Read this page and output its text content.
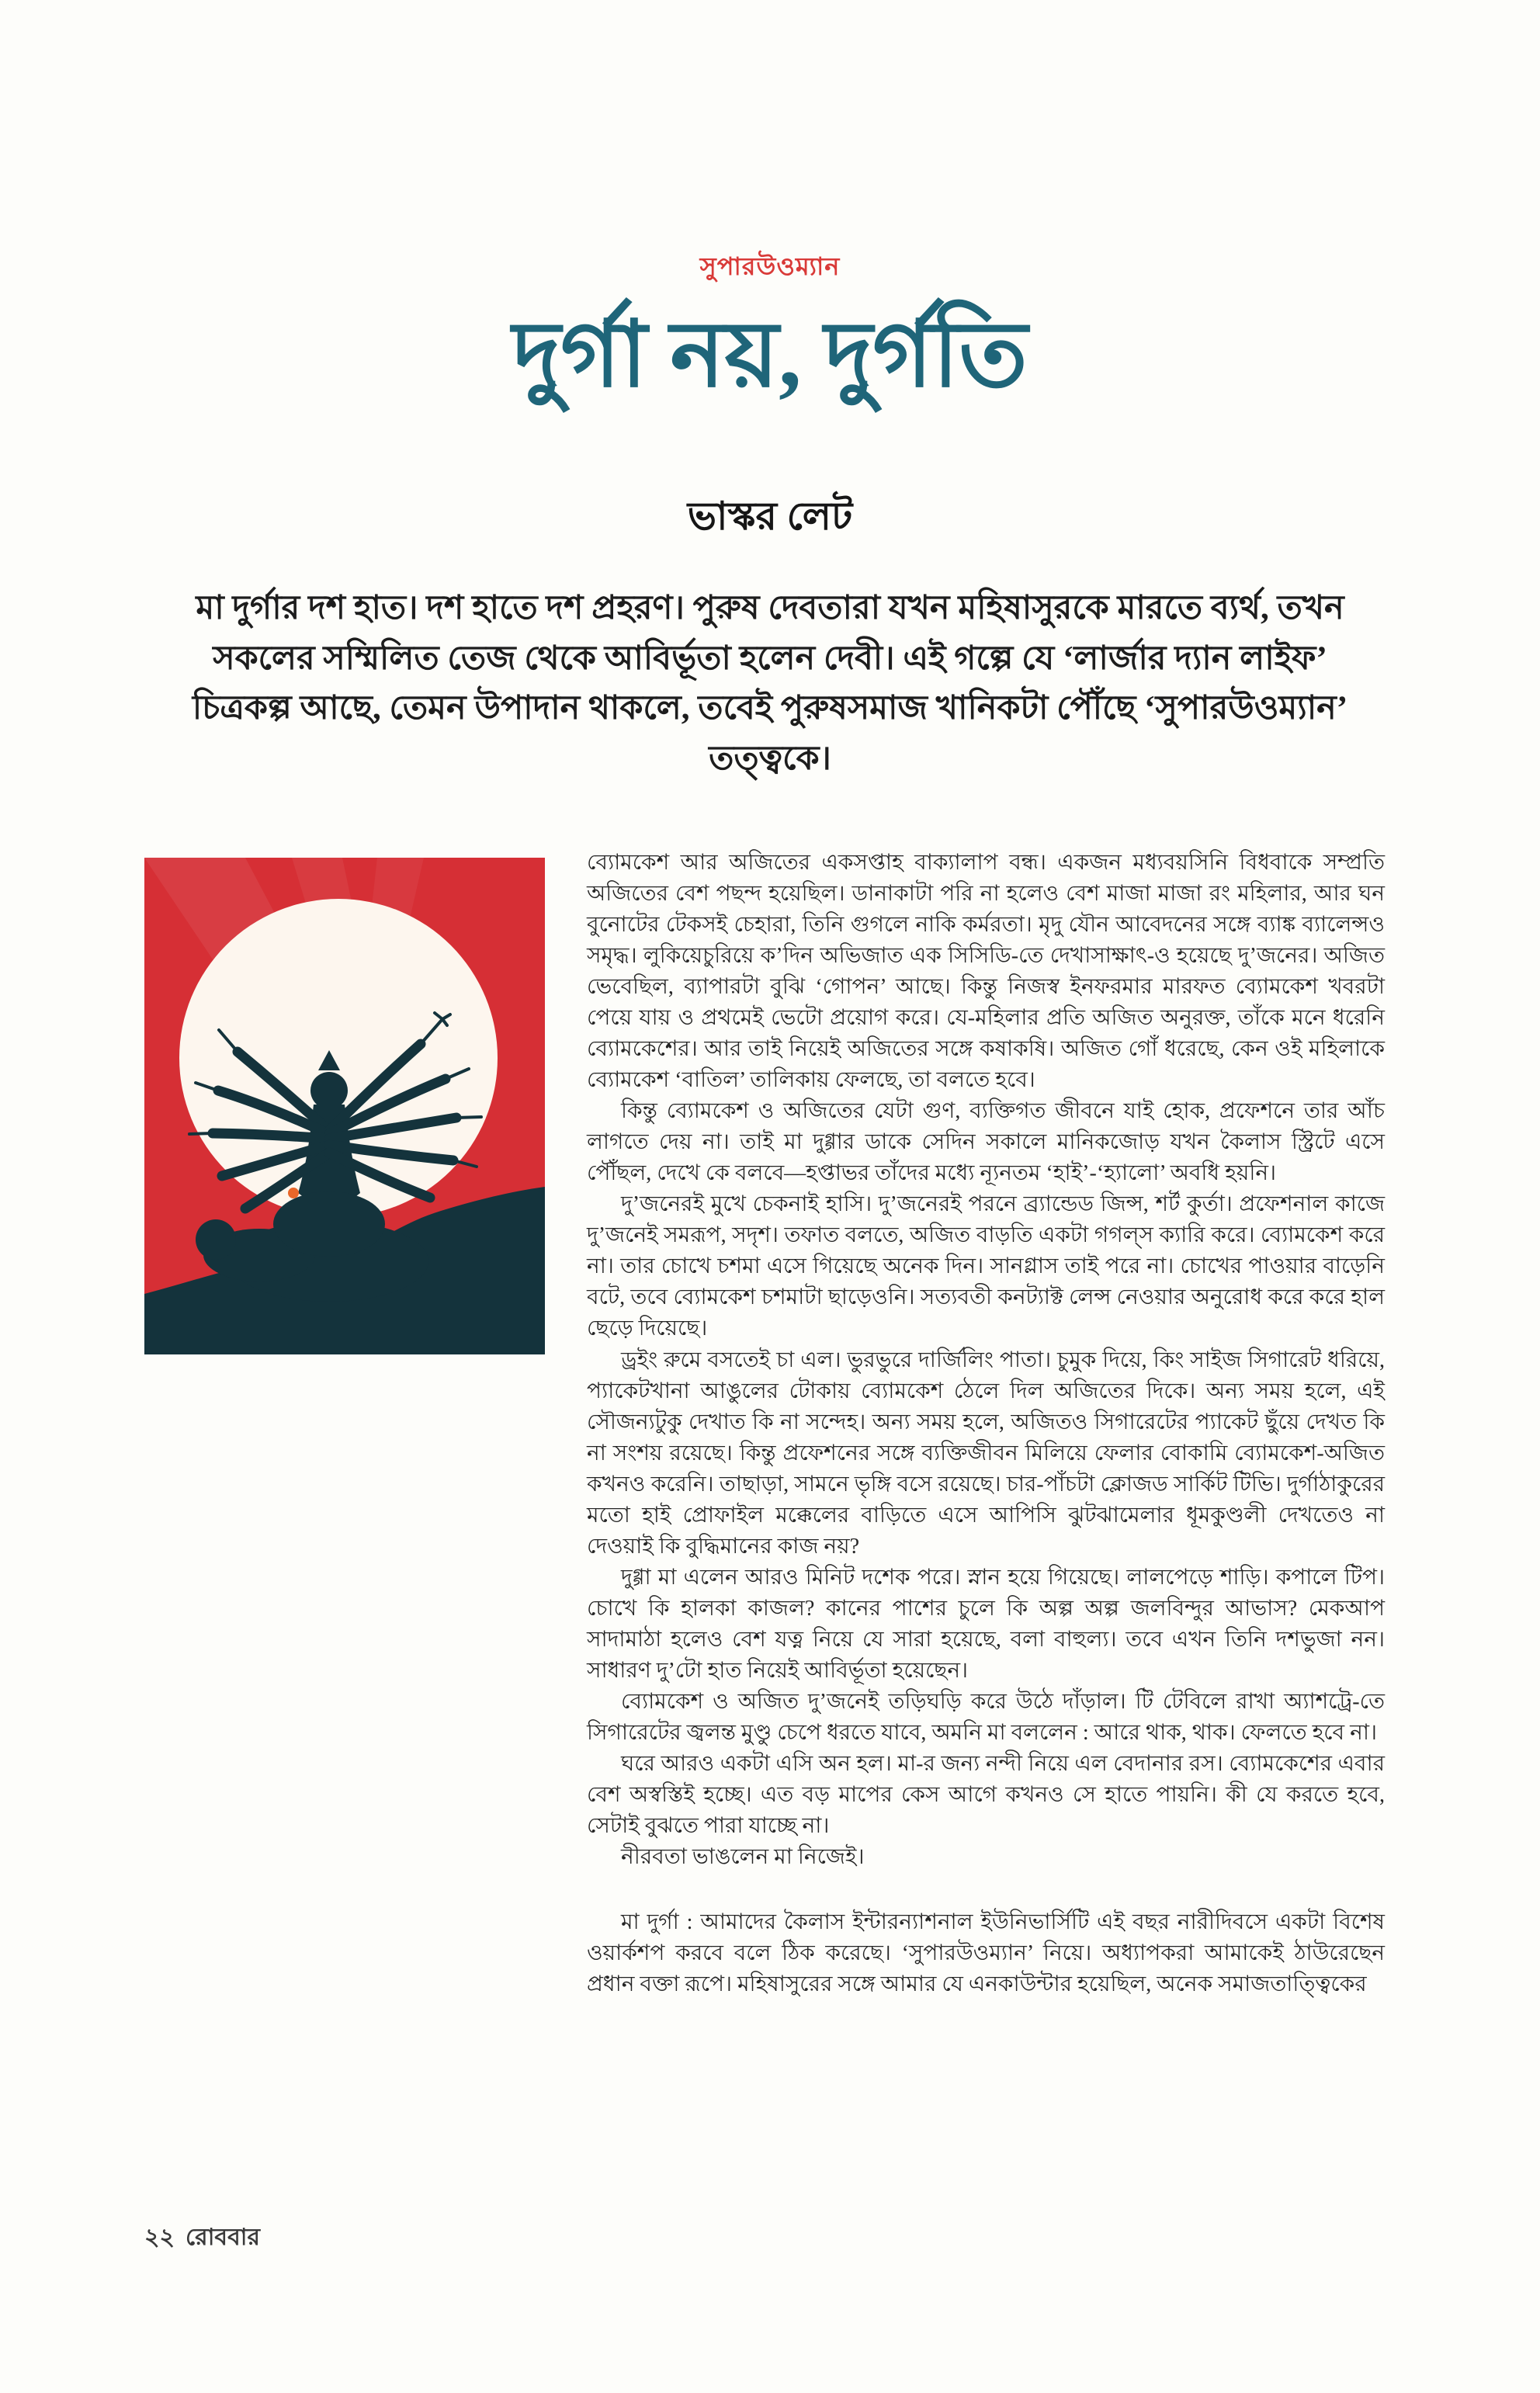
সুপারউওম্যান
দুর্গা নয়, দুর্গতি
ভাস্কর লেট
মা দুর্গার দশ হাত। দশ হাতে দশ প্রহরণ। পুরুষ দেবতারা যখন মহিষাসুরকে মারতে ব্যর্থ, তখন সকলের সম্মিলিত তেজ থেকে আবির্ভূতা হলেন দেবী। এই গল্পে যে ‘লার্জার দ্যান লাইফ’ চিত্রকল্প আছে, তেমন উপাদান থাকলে, তবেই পুরুষসমাজ খানিকটা পৌঁছে ‘সুপারউওম্যান’ তত্ত্বকে।

ব্যোমকেশ আর অজিতের একসপ্তাহ বাক্যালাপ বন্ধ। একজন মধ্যবয়সিনি বিধবাকে সম্প্রতি অজিতের বেশ পছন্দ হয়েছিল। ডানাকাটা পরি না হলেও বেশ মাজা মাজা রং মহিলার, আর ঘন বুনোটের টেকসই চেহারা, তিনি গুগলে নাকি কর্মরতা। মৃদু যৌন আবেদনের সঙ্গে ব্যাঙ্ক ব্যালেন্সও সমৃদ্ধ। লুকিয়েচুরিয়ে ক’দিন অভিজাত এক সিসিডি-তে দেখাসাক্ষাৎ-ও হয়েছে দু’জনের। অজিত ভেবেছিল, ব্যাপারটা বুঝি ‘গোপন’ আছে। কিন্তু নিজস্ব ইনফরমার মারফত ব্যোমকেশ খবরটা পেয়ে যায় ও প্রথমেই ভেটো প্রয়োগ করে। যে-মহিলার প্রতি অজিত অনুরক্ত, তাঁকে মনে ধরেনি ব্যোমকেশের। আর তাই নিয়েই অজিতের সঙ্গে কষাকষি। অজিত গোঁ ধরেছে, কেন ওই মহিলাকে ব্যোমকেশ ‘বাতিল’ তালিকায় ফেলছে, তা বলতে হবে।

কিন্তু ব্যোমকেশ ও অজিতের যেটা গুণ, ব্যক্তিগত জীবনে যাই হোক, প্রফেশনে তার আঁচ লাগতে দেয় না। তাই মা দুগ্গার ডাকে সেদিন সকালে মানিকজোড় যখন কৈলাস স্ট্রিটে এসে পৌঁছল, দেখে কে বলবে—হপ্তাভর তাঁদের মধ্যে ন্যূনতম ‘হাই’-‘হ্যালো’ অবধি হয়নি।

দু’জনেরই মুখে চেকনাই হাসি। দু’জনেরই পরনে ব্র্যান্ডেড জিন্স, শর্ট কুর্তা। প্রফেশনাল কাজে দু’জনেই সমরূপ, সদৃশ। তফাত বলতে, অজিত বাড়তি একটা গগল্স ক্যারি করে। ব্যোমকেশ করে না। তার চোখে চশমা এসে গিয়েছে অনেক দিন। সানগ্লাস তাই পরে না। চোখের পাওয়ার বাড়েনি বটে, তবে ব্যোমকেশ চশমাটা ছাড়েওনি। সত্যবতী কনট্যাক্ট লেন্স নেওয়ার অনুরোধ করে করে হাল ছেড়ে দিয়েছে।

ড্রইং রুমে বসতেই চা এল। ভুরভুরে দার্জিলিং পাতা। চুমুক দিয়ে, কিং সাইজ সিগারেট ধরিয়ে, প্যাকেটখানা আঙুলের টোকায় ব্যোমকেশ ঠেলে দিল অজিতের দিকে। অন্য সময় হলে, এই সৌজন্যটুকু দেখাত কি না সন্দেহ। অন্য সময় হলে, অজিতও সিগারেটের প্যাকেট ছুঁয়ে দেখত কি না সংশয় রয়েছে। কিন্তু প্রফেশনের সঙ্গে ব্যক্তিজীবন মিলিয়ে ফেলার বোকামি ব্যোমকেশ-অজিত কখনও করেনি। তাছাড়া, সামনে ভৃঙ্গি বসে রয়েছে। চার-পাঁচটা ক্লোজড সার্কিট টিভি। দুর্গাঠাকুরের মতো হাই প্রোফাইল মক্কেলের বাড়িতে এসে আপিসি ঝুটঝামেলার ধূমকুণ্ডলী দেখতেও না দেওয়াই কি বুদ্ধিমানের কাজ নয়?

দুগ্গা মা এলেন আরও মিনিট দশেক পরে। স্নান হয়ে গিয়েছে। লালপেড়ে শাড়ি। কপালে টিপ। চোখে কি হালকা কাজল? কানের পাশের চুলে কি অল্প অল্প জলবিন্দুর আভাস? মেকআপ সাদামাঠা হলেও বেশ যত্ন নিয়ে যে সারা হয়েছে, বলা বাহুল্য। তবে এখন তিনি দশভুজা নন। সাধারণ দু’টো হাত নিয়েই আবির্ভূতা হয়েছেন।

ব্যোমকেশ ও অজিত দু’জনেই তড়িঘড়ি করে উঠে দাঁড়াল। টি টেবিলে রাখা অ্যাশট্রে-তে সিগারেটের জ্বলন্ত মুণ্ডু চেপে ধরতে যাবে, অমনি মা বললেন : আরে থাক, থাক। ফেলতে হবে না।

ঘরে আরও একটা এসি অন হল। মা-র জন্য নন্দী নিয়ে এল বেদানার রস। ব্যোমকেশের এবার বেশ অস্বস্তিই হচ্ছে। এত বড় মাপের কেস আগে কখনও সে হাতে পায়নি। কী যে করতে হবে, সেটাই বুঝতে পারা যাচ্ছে না।

নীরবতা ভাঙলেন মা নিজেই।

মা দুর্গা : আমাদের কৈলাস ইন্টারন্যাশনাল ইউনিভার্সিটি এই বছর নারীদিবসে একটা বিশেষ ওয়ার্কশপ করবে বলে ঠিক করেছে। ‘সুপারউওম্যান’ নিয়ে। অধ্যাপকরা আমাকেই ঠাউরেছেন প্রধান বক্তা রূপে। মহিষাসুরের সঙ্গে আমার যে এনকাউন্টার হয়েছিল, অনেক সমাজতাত্ত্বিকের

২২ রোববার
